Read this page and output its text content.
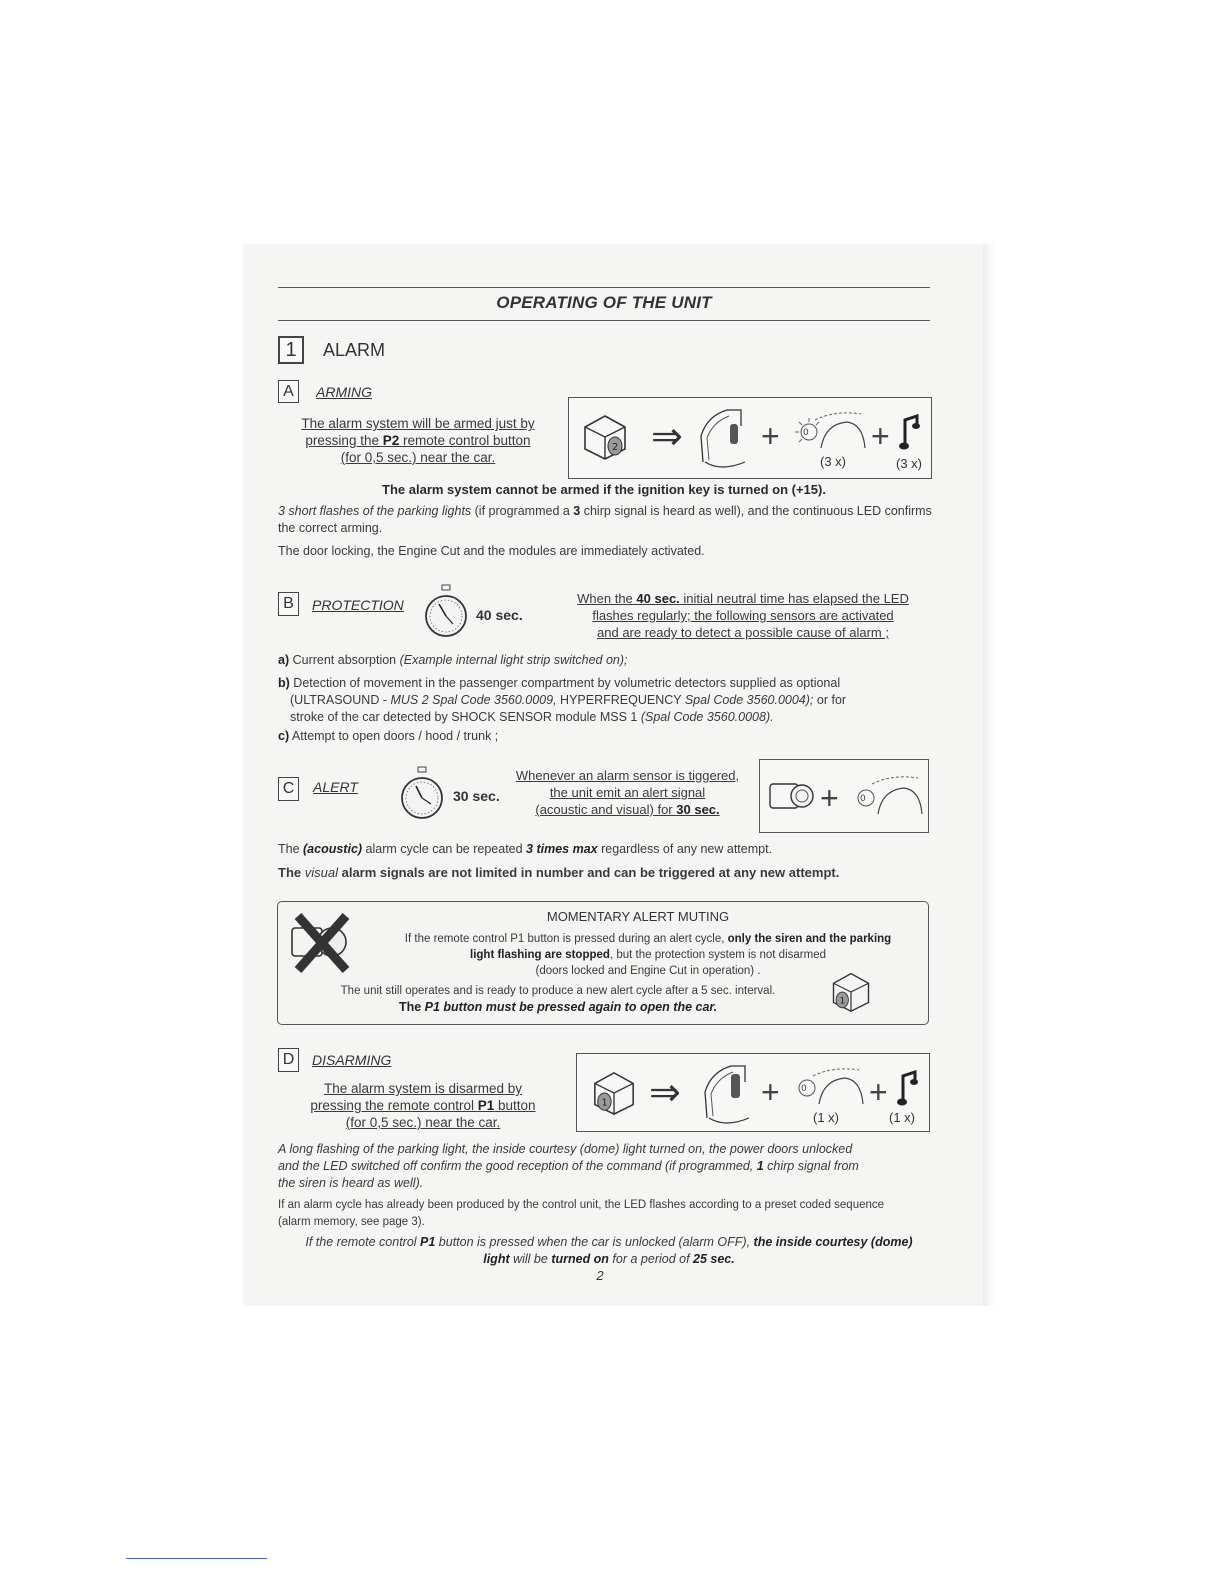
OPERATING OF THE UNIT
1 ALARM
A ARMING
The alarm system will be armed just by
pressing the P2 remote control button
(for 0,5 sec.) near the car.
2 ⇒ +	0
(3 x)
+
(3 x)
The alarm system cannot be armed if the ignition key is turned on (+15).
3 short flashes of the parking lights (if programmed a 3 chirp signal is heard as well), and the continuous LED confirms the correct arming.
The door locking, the Engine Cut and the modules are immediately activated.
B PROTECTION
40 sec.
When the 40 sec. initial neutral time has elapsed the LED
flashes regularly; the following sensors are activated
and are ready to detect a possible cause of alarm ;
a) Current absorption (Example internal light strip switched on);
b) Detection of movement in the passenger compartment by volumetric detectors supplied as optional
(ULTRASOUND - MUS 2 Spal Code 3560.0009, HYPERFREQUENCY Spal Code 3560.0004); or for
stroke of the car detected by SHOCK SENSOR module MSS 1 (Spal Code 3560.0008).
c) Attempt to open doors / hood / trunk ;
C ALERT
30 sec.
Whenever an alarm sensor is tiggered,
the unit emit an alert signal
(acoustic and visual) for 30 sec.	+ 0
The (acoustic) alarm cycle can be repeated 3 times max regardless of any new attempt.
The visual alarm signals are not limited in number and can be triggered at any new attempt.
MOMENTARY ALERT MUTING
If the remote control P1 button is pressed during an alert cycle, only the siren and the parking
light flashing are stopped, but the protection system is not disarmed
(doors locked and Engine Cut in operation) .
The unit still operates and is ready to produce a new alert cycle after a 5 sec. interval.
The P1 button must be pressed again to open the car.	1
D DISARMING
The alarm system is disarmed by
pressing the remote control P1 button
(for 0,5 sec.) near the car.
1 ⇒	+ 0
(1 x)
+
(1 x)
A long flashing of the parking light, the inside courtesy (dome) light turned on, the power doors unlocked
and the LED switched off confirm the good reception of the command (if programmed, 1 chirp signal from
the siren is heard as well).
If an alarm cycle has already been produced by the control unit, the LED flashes according to a preset coded sequence
(alarm memory, see page 3).
If the remote control P1 button is pressed when the car is unlocked (alarm OFF), the inside courtesy (dome)
light will be turned on for a period of 25 sec.
2
